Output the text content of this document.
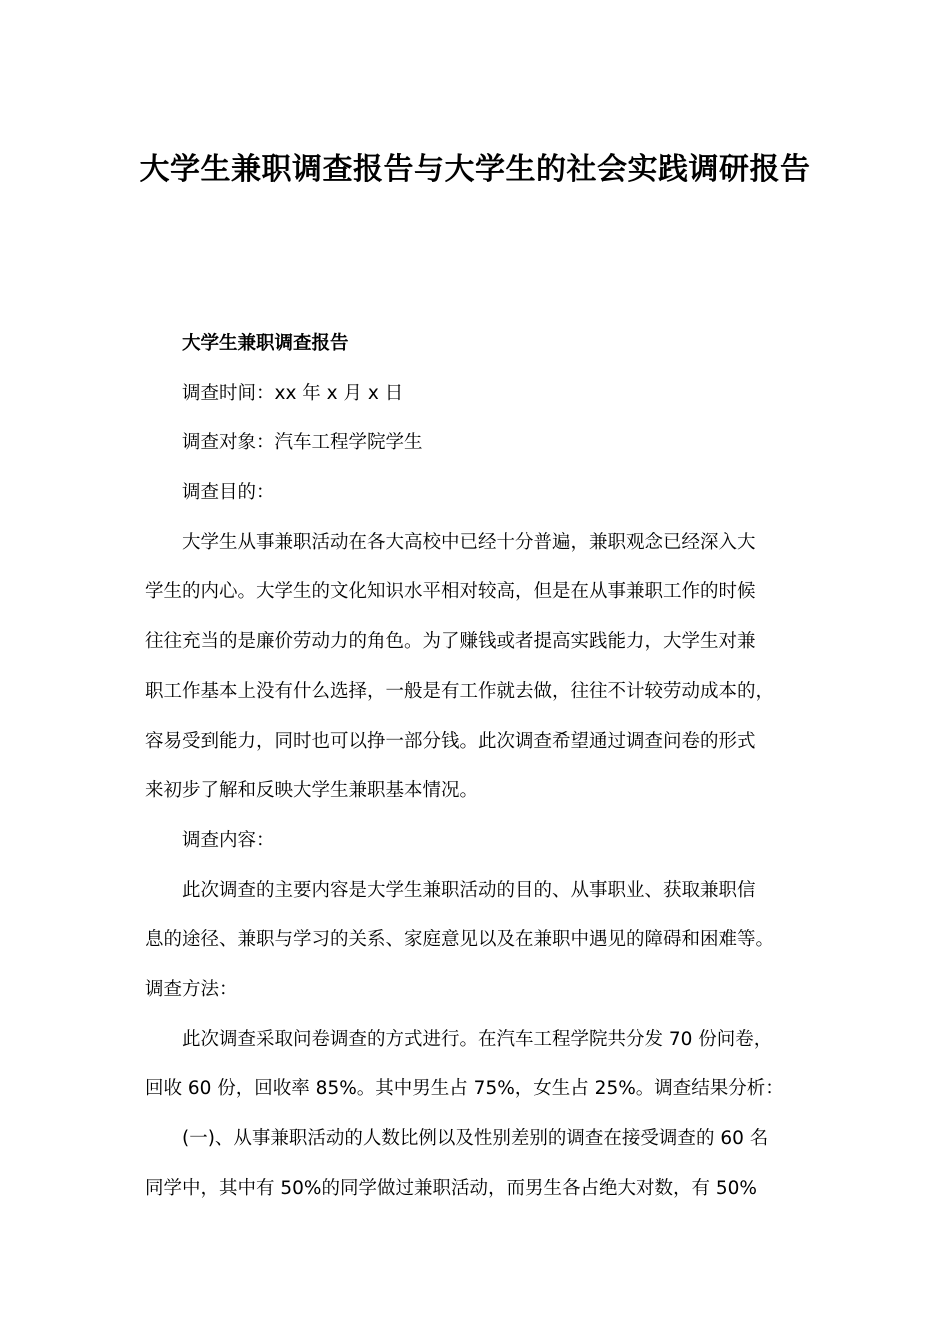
大学生兼职调查报告与大学生的社会实践调研报告
大学生兼职调查报告
调查时间：xx 年 x 月 x 日
调查对象：汽车工程学院学生
调查目的：
大学生从事兼职活动在各大高校中已经十分普遍，兼职观念已经深入大
学生的内心。大学生的文化知识水平相对较高，但是在从事兼职工作的时候
往往充当的是廉价劳动力的角色。为了赚钱或者提高实践能力，大学生对兼
职工作基本上没有什么选择，一般是有工作就去做，往往不计较劳动成本的，
容易受到能力，同时也可以挣一部分钱。此次调查希望通过调查问卷的形式
来初步了解和反映大学生兼职基本情况。
调查内容：
此次调查的主要内容是大学生兼职活动的目的、从事职业、获取兼职信
息的途径、兼职与学习的关系、家庭意见以及在兼职中遇见的障碍和困难等。
调查方法：
此次调查采取问卷调查的方式进行。在汽车工程学院共分发 70 份问卷，
回收 60 份，回收率 85%。其中男生占 75%，女生占 25%。调查结果分析：
(一)、从事兼职活动的人数比例以及性别差别的调查在接受调查的 60 名
同学中，其中有 50%的同学做过兼职活动，而男生各占绝大对数，有 50%
